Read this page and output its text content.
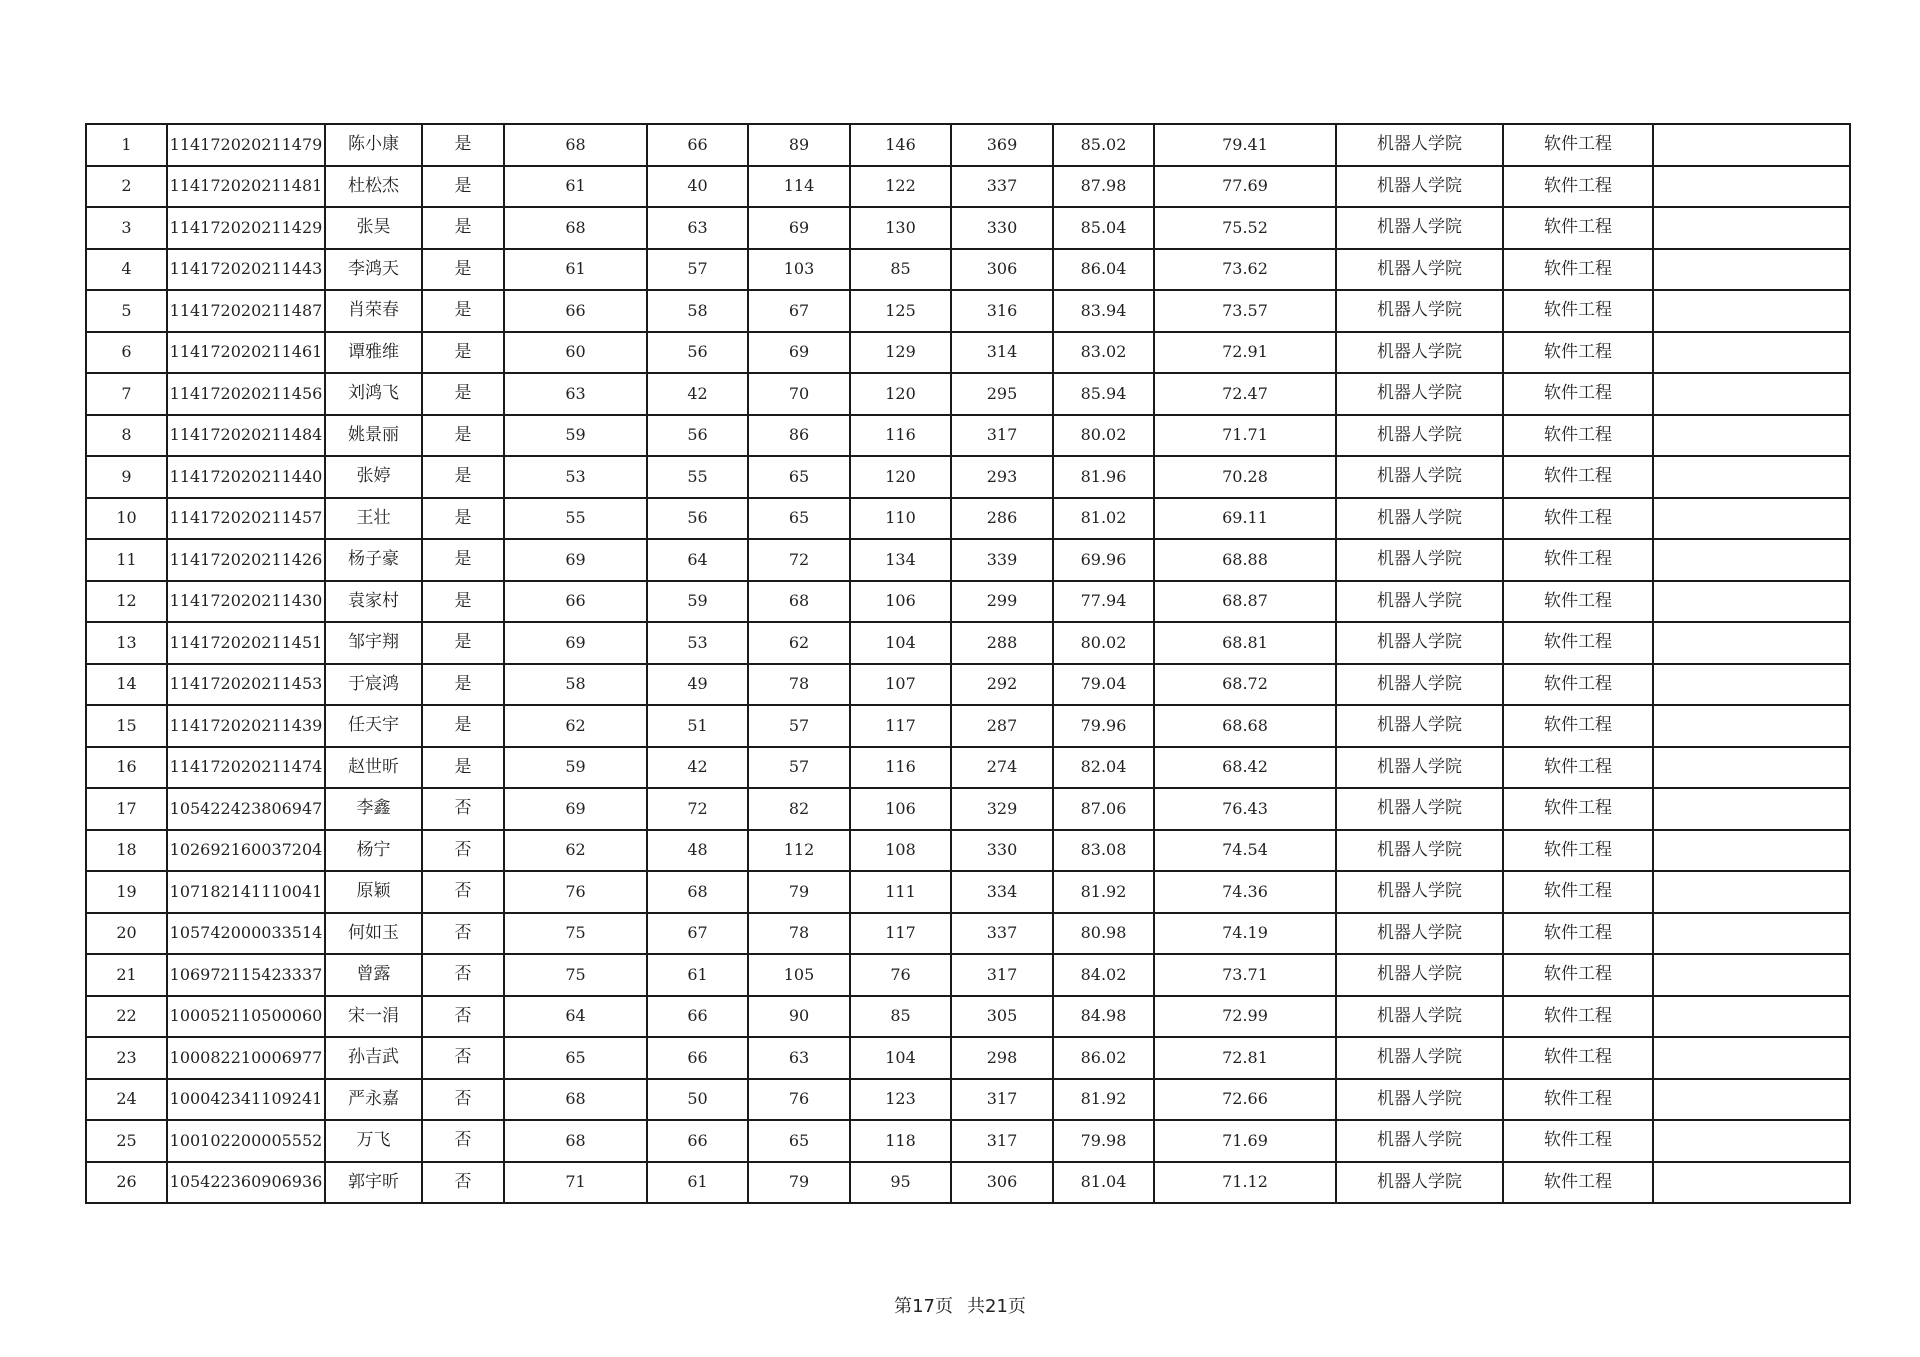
1	114172020211479	陈小康	是	68	66	89	146	369	85.02	79.41	机器人学院	软件工程	
2	114172020211481	杜松杰	是	61	40	114	122	337	87.98	77.69	机器人学院	软件工程	
3	114172020211429	张昊	是	68	63	69	130	330	85.04	75.52	机器人学院	软件工程	
4	114172020211443	李鸿天	是	61	57	103	85	306	86.04	73.62	机器人学院	软件工程	
5	114172020211487	肖荣春	是	66	58	67	125	316	83.94	73.57	机器人学院	软件工程	
6	114172020211461	谭雅维	是	60	56	69	129	314	83.02	72.91	机器人学院	软件工程	
7	114172020211456	刘鸿飞	是	63	42	70	120	295	85.94	72.47	机器人学院	软件工程	
8	114172020211484	姚景丽	是	59	56	86	116	317	80.02	71.71	机器人学院	软件工程	
9	114172020211440	张婷	是	53	55	65	120	293	81.96	70.28	机器人学院	软件工程	
10	114172020211457	王壮	是	55	56	65	110	286	81.02	69.11	机器人学院	软件工程	
11	114172020211426	杨子豪	是	69	64	72	134	339	69.96	68.88	机器人学院	软件工程	
12	114172020211430	袁家村	是	66	59	68	106	299	77.94	68.87	机器人学院	软件工程	
13	114172020211451	邹宇翔	是	69	53	62	104	288	80.02	68.81	机器人学院	软件工程	
14	114172020211453	于宸鸿	是	58	49	78	107	292	79.04	68.72	机器人学院	软件工程	
15	114172020211439	任天宇	是	62	51	57	117	287	79.96	68.68	机器人学院	软件工程	
16	114172020211474	赵世昕	是	59	42	57	116	274	82.04	68.42	机器人学院	软件工程	
17	105422423806947	李鑫	否	69	72	82	106	329	87.06	76.43	机器人学院	软件工程	
18	102692160037204	杨宁	否	62	48	112	108	330	83.08	74.54	机器人学院	软件工程	
19	107182141110041	原颖	否	76	68	79	111	334	81.92	74.36	机器人学院	软件工程	
20	105742000033514	何如玉	否	75	67	78	117	337	80.98	74.19	机器人学院	软件工程	
21	106972115423337	曾露	否	75	61	105	76	317	84.02	73.71	机器人学院	软件工程	
22	100052110500060	宋一涓	否	64	66	90	85	305	84.98	72.99	机器人学院	软件工程	
23	100082210006977	孙吉武	否	65	66	63	104	298	86.02	72.81	机器人学院	软件工程	
24	100042341109241	严永嘉	否	68	50	76	123	317	81.92	72.66	机器人学院	软件工程	
25	100102200005552	万飞	否	68	66	65	118	317	79.98	71.69	机器人学院	软件工程	
26	105422360906936	郭宇昕	否	71	61	79	95	306	81.04	71.12	机器人学院	软件工程	
第17页 共21页
